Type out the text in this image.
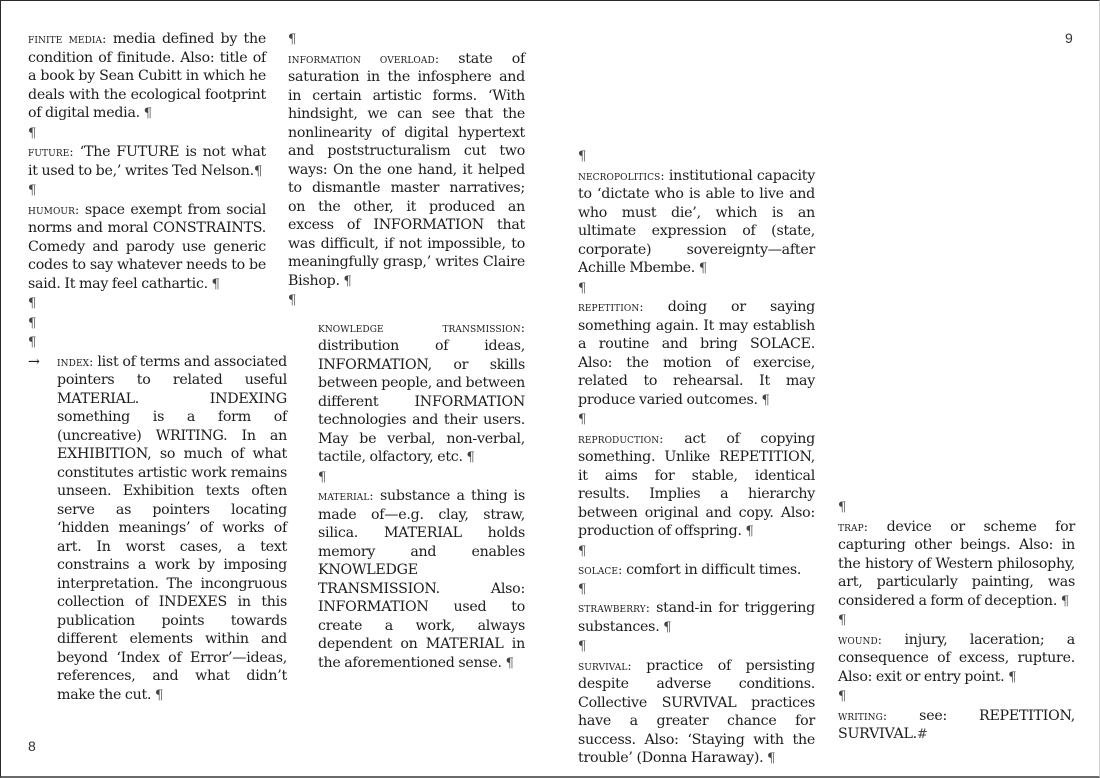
finite media: media defined by the condition of finitude. Also: title of a book by Sean Cubitt in which he deals with the ecological footprint of digital media. ¶

¶

future: ‘The FUTURE is not what it used to be,’ writes Ted Nelson.¶

¶

humour: space exempt from social norms and moral CONSTRAINTS. Comedy and parody use generic codes to say whatever needs to be said. It may feel cathartic. ¶

¶

¶

¶

→ index: list of terms and associated pointers to related useful MATERIAL. INDEXING something is a form of (uncreative) WRITING. In an EXHIBITION, so much of what constitutes artistic work remains unseen. Exhibition texts often serve as pointers locating ‘hidden meanings’ of works of art. In worst cases, a text constrains a work by imposing interpretation. The incongruous collection of INDEXES in this publication points towards different elements within and beyond ‘Index of Error’—ideas, references, and what didn’t make the cut. ¶

¶

information overload: state of saturation in the infosphere and in certain artistic forms. ‘With hindsight, we can see that the nonlinearity of digital hypertext and poststructuralism cut two ways: On the one hand, it helped to dismantle master narratives; on the other, it produced an excess of INFORMATION that was difficult, if not impossible, to meaningfully grasp,’ writes Claire Bishop. ¶

¶

knowledge transmission: distribution of ideas, INFORMATION, or skills between people, and between different INFORMATION technologies and their users. May be verbal, non-verbal, tactile, olfactory, etc. ¶

¶

material: substance a thing is made of—e.g. clay, straw, silica. MATERIAL holds memory and enables KNOWLEDGE TRANSMISSION. Also: INFORMATION used to create a work, always dependent on MATERIAL in the aforementioned sense. ¶

8

¶

necropolitics: institutional capacity to ‘dictate who is able to live and who must die’, which is an ultimate expression of (state, corporate) sovereignty—after Achille Mbembe. ¶

¶

repetition: doing or saying something again. It may establish a routine and bring SOLACE. Also: the motion of exercise, related to rehearsal. It may produce varied outcomes. ¶

¶

reproduction: act of copying something. Unlike REPETITION, it aims for stable, identical results. Implies a hierarchy between original and copy. Also: production of offspring. ¶

¶

solace: comfort in difficult times.

¶

strawberry: stand-in for triggering substances. ¶

¶

survival: practice of persisting despite adverse conditions. Collective SURVIVAL practices have a greater chance for success. Also: ‘Staying with the trouble’ (Donna Haraway). ¶

¶

trap: device or scheme for capturing other beings. Also: in the history of Western philosophy, art, particularly painting, was considered a form of deception. ¶

¶

wound: injury, laceration; a consequence of excess, rupture. Also: exit or entry point. ¶

¶

writing: see: REPETITION, SURVIVAL.#

9
